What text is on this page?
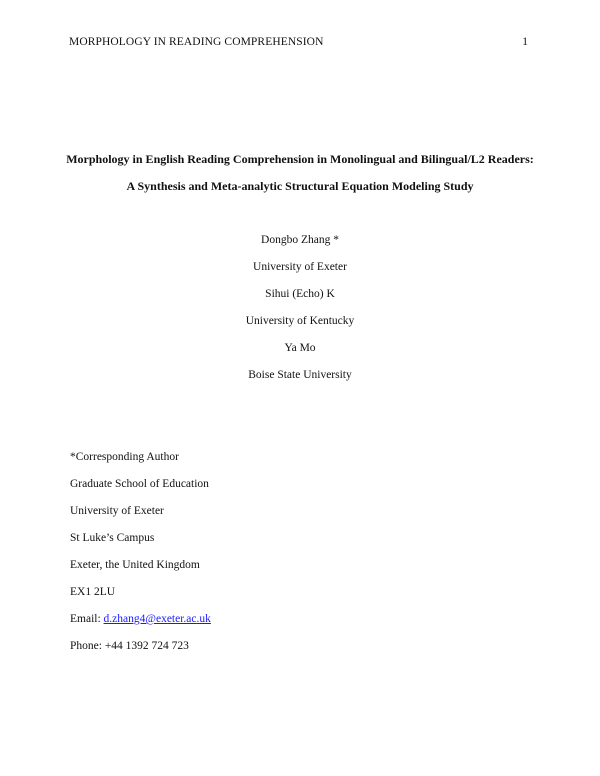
MORPHOLOGY IN READING COMPREHENSION	1
Morphology in English Reading Comprehension in Monolingual and Bilingual/L2 Readers:
A Synthesis and Meta-analytic Structural Equation Modeling Study
Dongbo Zhang *
University of Exeter
Sihui (Echo) K
University of Kentucky
Ya Mo
Boise State University
*Corresponding Author
Graduate School of Education
University of Exeter
St Luke’s Campus
Exeter, the United Kingdom
EX1 2LU
Email: d.zhang4@exeter.ac.uk
Phone: +44 1392 724 723
